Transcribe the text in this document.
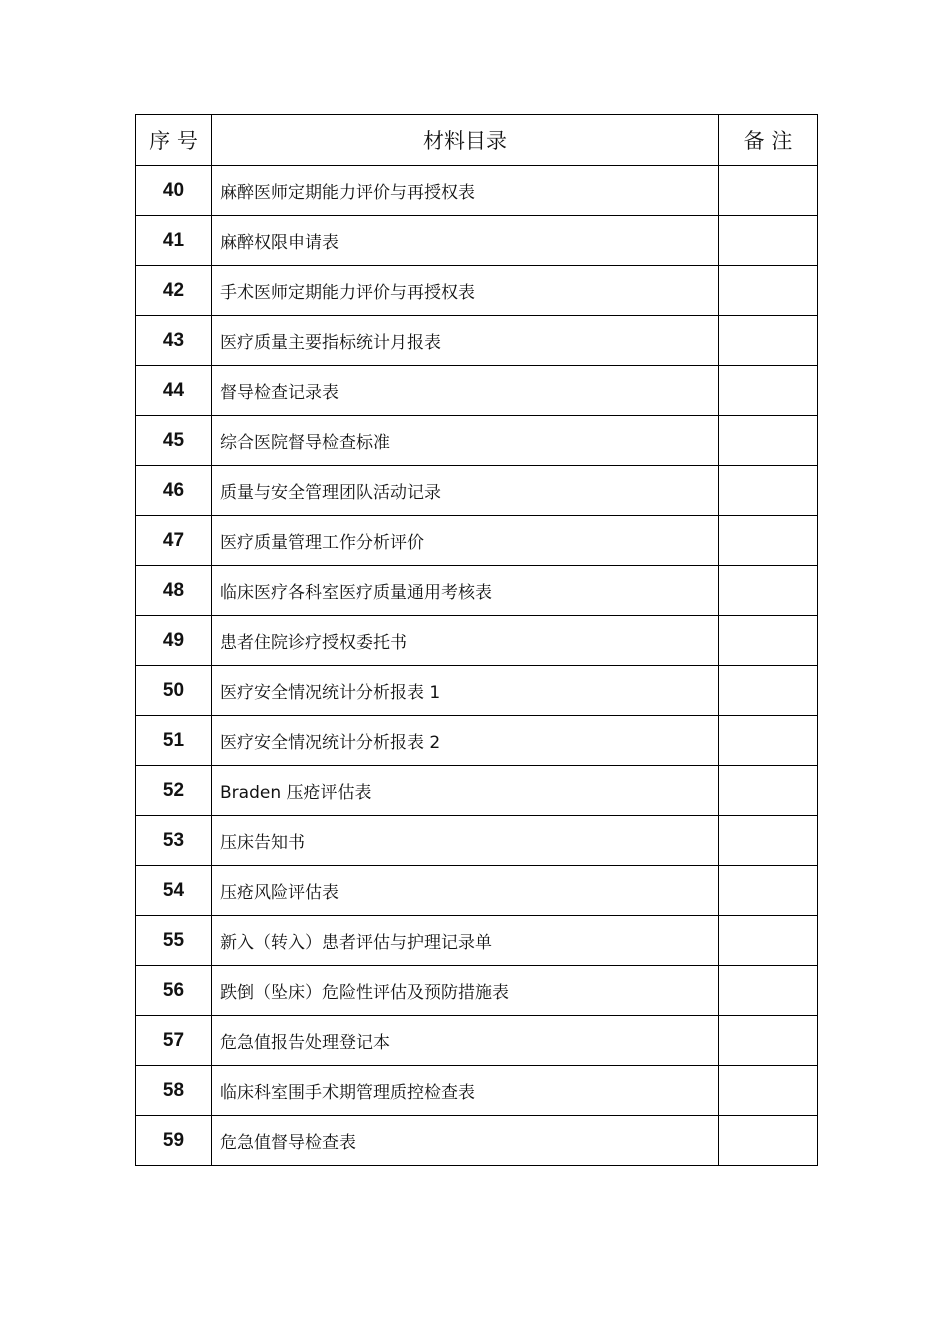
序 号	材料目录	备 注
40	麻醉医师定期能力评价与再授权表	
41	麻醉权限申请表	
42	手术医师定期能力评价与再授权表	
43	医疗质量主要指标统计月报表	
44	督导检查记录表	
45	综合医院督导检查标准	
46	质量与安全管理团队活动记录	
47	医疗质量管理工作分析评价	
48	临床医疗各科室医疗质量通用考核表	
49	患者住院诊疗授权委托书	
50	医疗安全情况统计分析报表 1	
51	医疗安全情况统计分析报表 2	
52	Braden 压疮评估表	
53	压床告知书	
54	压疮风险评估表	
55	新入（转入）患者评估与护理记录单	
56	跌倒（坠床）危险性评估及预防措施表	
57	危急值报告处理登记本	
58	临床科室围手术期管理质控检查表	
59	危急值督导检查表	
